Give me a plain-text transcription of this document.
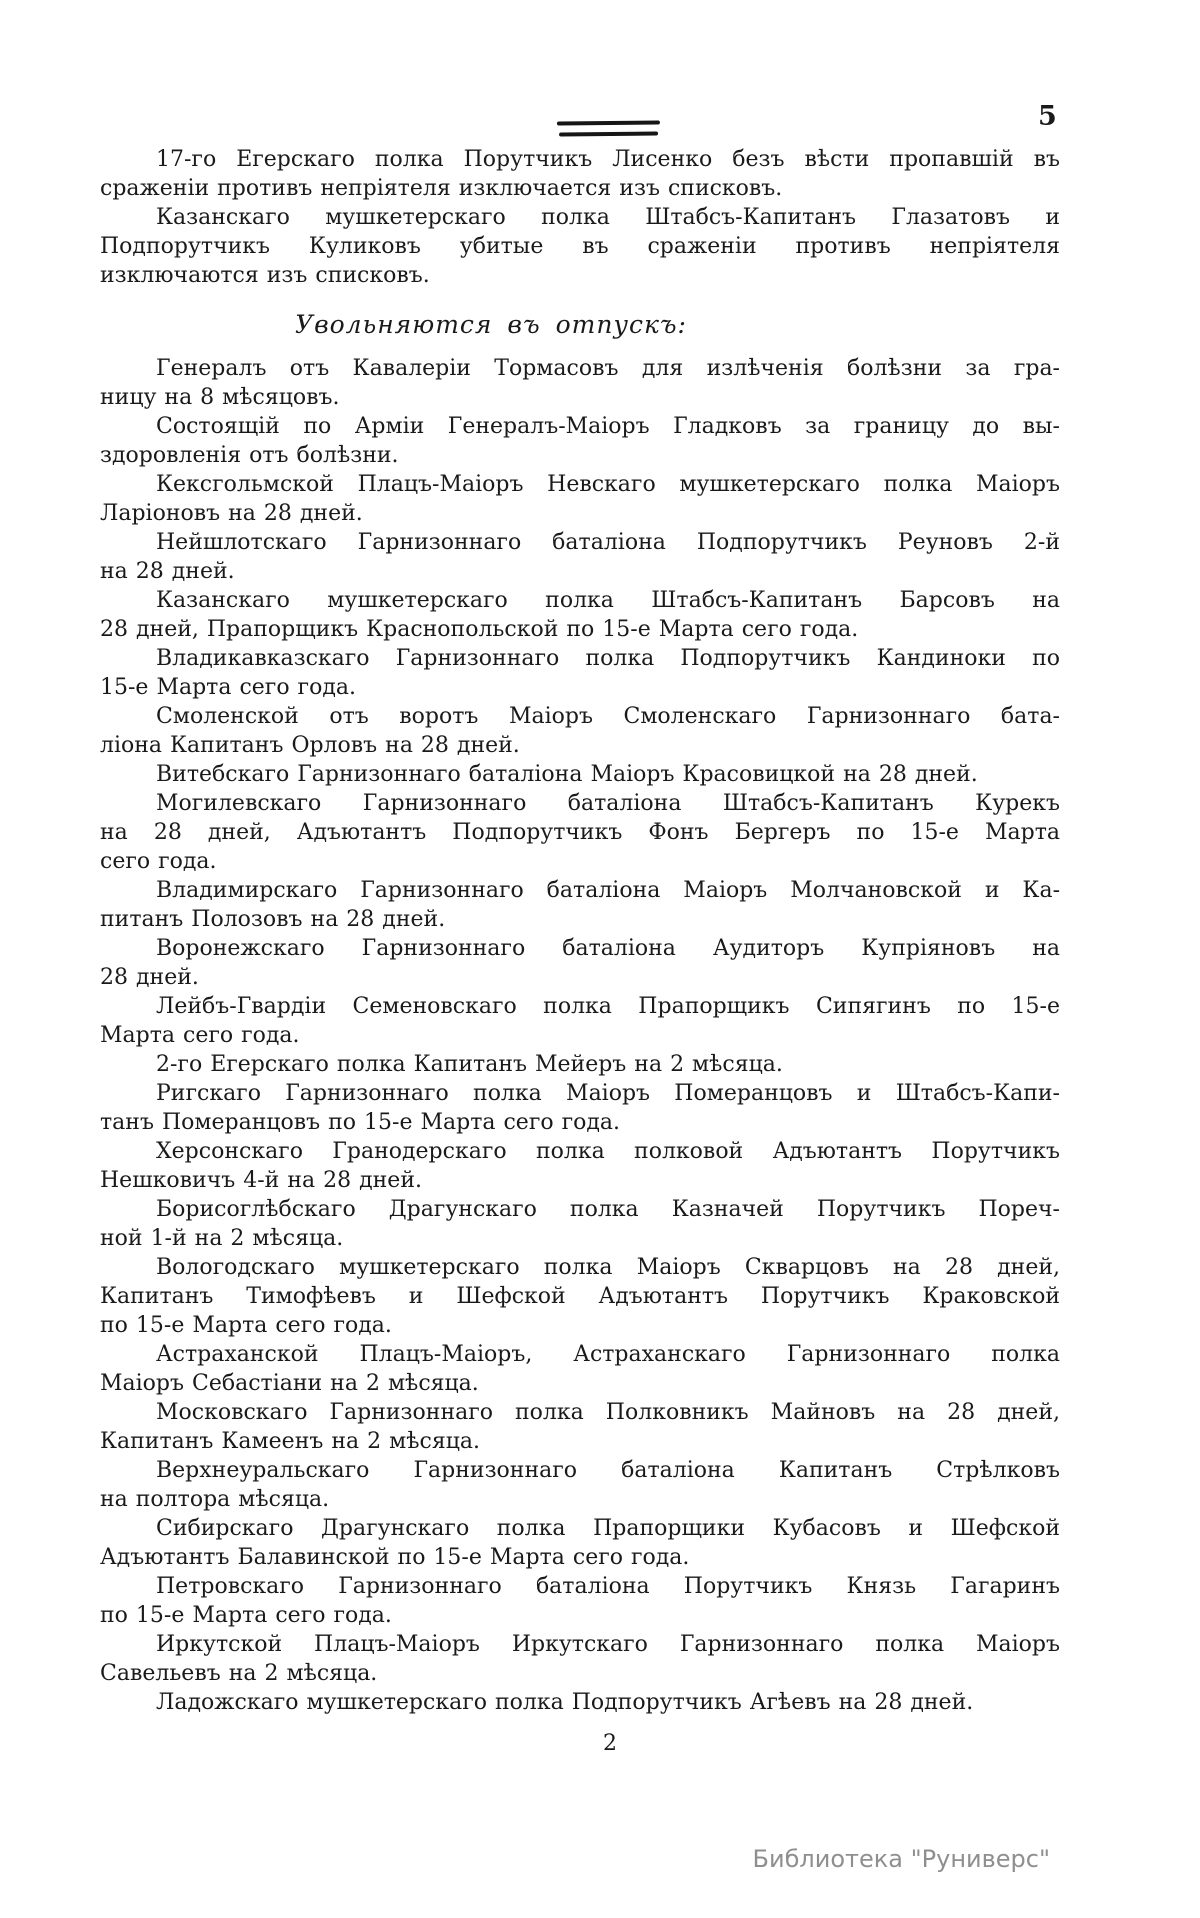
5
17-го Егерскаго полка Порутчикъ Лисенко безъ вѣсти пропавшій въ
сраженіи противъ непріятеля изключается изъ списковъ.
Казанскаго мушкетерскаго полка Штабсъ-Капитанъ Глазатовъ и
Подпорутчикъ Куликовъ убитые въ сраженіи противъ непріятеля
изключаются изъ списковъ.
Увольняются въ отпускъ:
Генералъ отъ Кавалеріи Тормасовъ для излѣченія болѣзни за гра-
ницу на 8 мѣсяцовъ.
Состоящій по Арміи Генералъ-Маіоръ Гладковъ за границу до вы-
здоровленія отъ болѣзни.
Кексгольмской Плацъ-Маіоръ Невскаго мушкетерскаго полка Маіоръ
Ларіоновъ на 28 дней.
Нейшлотскаго Гарнизоннаго баталіона Подпорутчикъ Реуновъ 2-й
на 28 дней.
Казанскаго мушкетерскаго полка Штабсъ-Капитанъ Барсовъ на
28 дней, Прапорщикъ Краснопольской по 15-е Марта сего года.
Владикавказскаго Гарнизоннаго полка Подпорутчикъ Кандиноки по
15-е Марта сего года.
Смоленской отъ воротъ Маіоръ Смоленскаго Гарнизоннаго бата-
ліона Капитанъ Орловъ на 28 дней.
Витебскаго Гарнизоннаго баталіона Маіоръ Красовицкой на 28 дней.
Могилевскаго Гарнизоннаго баталіона Штабсъ-Капитанъ Курекъ
на 28 дней, Адъютантъ Подпорутчикъ Фонъ Бергеръ по 15-е Марта
сего года.
Владимирскаго Гарнизоннаго баталіона Маіоръ Молчановской и Ка-
питанъ Полозовъ на 28 дней.
Воронежскаго Гарнизоннаго баталіона Аудиторъ Купріяновъ на
28 дней.
Лейбъ-Гвардіи Семеновскаго полка Прапорщикъ Сипягинъ по 15-е
Марта сего года.
2-го Егерскаго полка Капитанъ Мейеръ на 2 мѣсяца.
Ригскаго Гарнизоннаго полка Маіоръ Померанцовъ и Штабсъ-Капи-
танъ Померанцовъ по 15-е Марта сего года.
Херсонскаго Гранодерскаго полка полковой Адъютантъ Порутчикъ
Нешковичъ 4-й на 28 дней.
Борисоглѣбскаго Драгунскаго полка Казначей Порутчикъ Пореч-
ной 1-й на 2 мѣсяца.
Вологодскаго мушкетерскаго полка Маіоръ Скварцовъ на 28 дней,
Капитанъ Тимофѣевъ и Шефской Адъютантъ Порутчикъ Краковской
по 15-е Марта сего года.
Астраханской Плацъ-Маіоръ, Астраханскаго Гарнизоннаго полка
Маіоръ Себастіани на 2 мѣсяца.
Московскаго Гарнизоннаго полка Полковникъ Майновъ на 28 дней,
Капитанъ Камеенъ на 2 мѣсяца.
Верхнеуральскаго Гарнизоннаго баталіона Капитанъ Стрѣлковъ
на полтора мѣсяца.
Сибирскаго Драгунскаго полка Прапорщики Кубасовъ и Шефской
Адъютантъ Балавинской по 15-е Марта сего года.
Петровскаго Гарнизоннаго баталіона Порутчикъ Князь Гагаринъ
по 15-е Марта сего года.
Иркутской Плацъ-Маіоръ Иркутскаго Гарнизоннаго полка Маіоръ
Савельевъ на 2 мѣсяца.
Ладожскаго мушкетерскаго полка Подпорутчикъ Агѣевъ на 28 дней.
2
Библиотека "Руниверс"
